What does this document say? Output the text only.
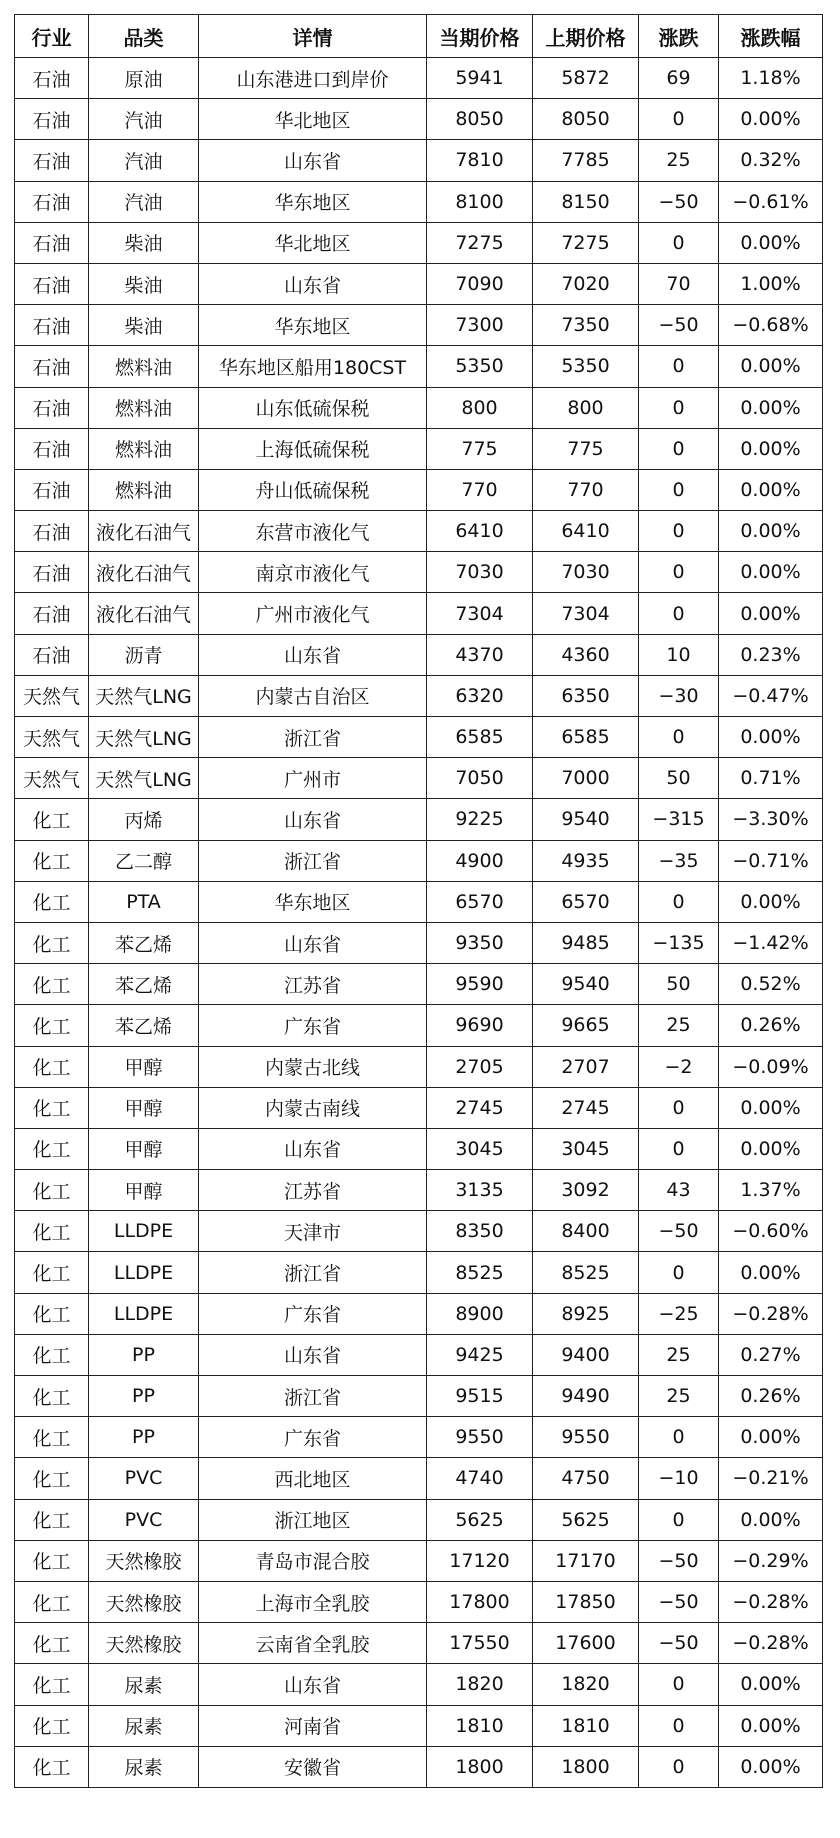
行业	品类	详情	当期价格	上期价格	涨跌	涨跌幅
石油	原油	山东港进口到岸价	5941	5872	69	1.18%
石油	汽油	华北地区	8050	8050	0	0.00%
石油	汽油	山东省	7810	7785	25	0.32%
石油	汽油	华东地区	8100	8150	−50	−0.61%
石油	柴油	华北地区	7275	7275	0	0.00%
石油	柴油	山东省	7090	7020	70	1.00%
石油	柴油	华东地区	7300	7350	−50	−0.68%
石油	燃料油	华东地区船用180CST	5350	5350	0	0.00%
石油	燃料油	山东低硫保税	800	800	0	0.00%
石油	燃料油	上海低硫保税	775	775	0	0.00%
石油	燃料油	舟山低硫保税	770	770	0	0.00%
石油	液化石油气	东营市液化气	6410	6410	0	0.00%
石油	液化石油气	南京市液化气	7030	7030	0	0.00%
石油	液化石油气	广州市液化气	7304	7304	0	0.00%
石油	沥青	山东省	4370	4360	10	0.23%
天然气	天然气LNG	内蒙古自治区	6320	6350	−30	−0.47%
天然气	天然气LNG	浙江省	6585	6585	0	0.00%
天然气	天然气LNG	广州市	7050	7000	50	0.71%
化工	丙烯	山东省	9225	9540	−315	−3.30%
化工	乙二醇	浙江省	4900	4935	−35	−0.71%
化工	PTA	华东地区	6570	6570	0	0.00%
化工	苯乙烯	山东省	9350	9485	−135	−1.42%
化工	苯乙烯	江苏省	9590	9540	50	0.52%
化工	苯乙烯	广东省	9690	9665	25	0.26%
化工	甲醇	内蒙古北线	2705	2707	−2	−0.09%
化工	甲醇	内蒙古南线	2745	2745	0	0.00%
化工	甲醇	山东省	3045	3045	0	0.00%
化工	甲醇	江苏省	3135	3092	43	1.37%
化工	LLDPE	天津市	8350	8400	−50	−0.60%
化工	LLDPE	浙江省	8525	8525	0	0.00%
化工	LLDPE	广东省	8900	8925	−25	−0.28%
化工	PP	山东省	9425	9400	25	0.27%
化工	PP	浙江省	9515	9490	25	0.26%
化工	PP	广东省	9550	9550	0	0.00%
化工	PVC	西北地区	4740	4750	−10	−0.21%
化工	PVC	浙江地区	5625	5625	0	0.00%
化工	天然橡胶	青岛市混合胶	17120	17170	−50	−0.29%
化工	天然橡胶	上海市全乳胶	17800	17850	−50	−0.28%
化工	天然橡胶	云南省全乳胶	17550	17600	−50	−0.28%
化工	尿素	山东省	1820	1820	0	0.00%
化工	尿素	河南省	1810	1810	0	0.00%
化工	尿素	安徽省	1800	1800	0	0.00%
